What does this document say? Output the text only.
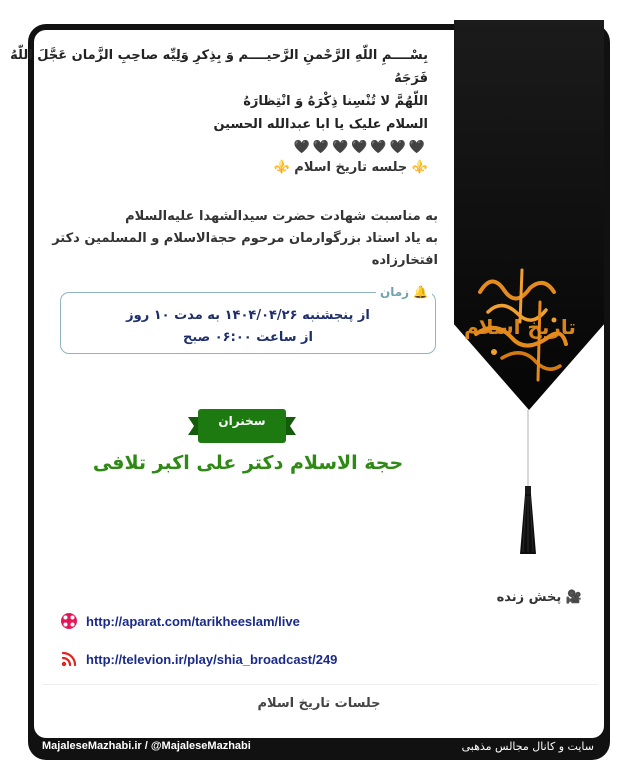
تاریخ اسلام
بِسْــــمِ اللّهِ الرَّحْمنِ الرَّحیــــم وَ بِذِکرِ وَلِیِّه صاحِبِ الزَّمان عَجَّلَ اللّهُ فَرَجَهُ
اللّهُمَّ لا تُنْسِنا ذِکْرَهُ وَ انْتِظارَهُ
السلام علیک یا ابا عبدالله الحسین
🖤🖤🖤🖤🖤🖤🖤
⚜️ جلسه تاریخ اسلام ⚜️
به مناسبت شهادت حضرت سیدالشهدا علیه‌السلام
به یاد استاد بزرگوارمان مرحوم حجة‌الاسلام و المسلمین دکتر افتخارزاده
🔔 زمان
از پنجشنبه ۱۴۰۴/۰۴/۲۶ به مدت ۱۰ روز
از ساعت ۰۶:۰۰ صبح
سخنران
حجة الاسلام دکتر علی اکبر تلافی
🎥 پخش زنده
http://aparat.com/tarikheeslam/live
http://televion.ir/play/shia_broadcast/249
جلسات تاریخ اسلام
MajaleseMazhabi.ir / @MajaleseMazhabi	سایت و کانال مجالس مذهبی
